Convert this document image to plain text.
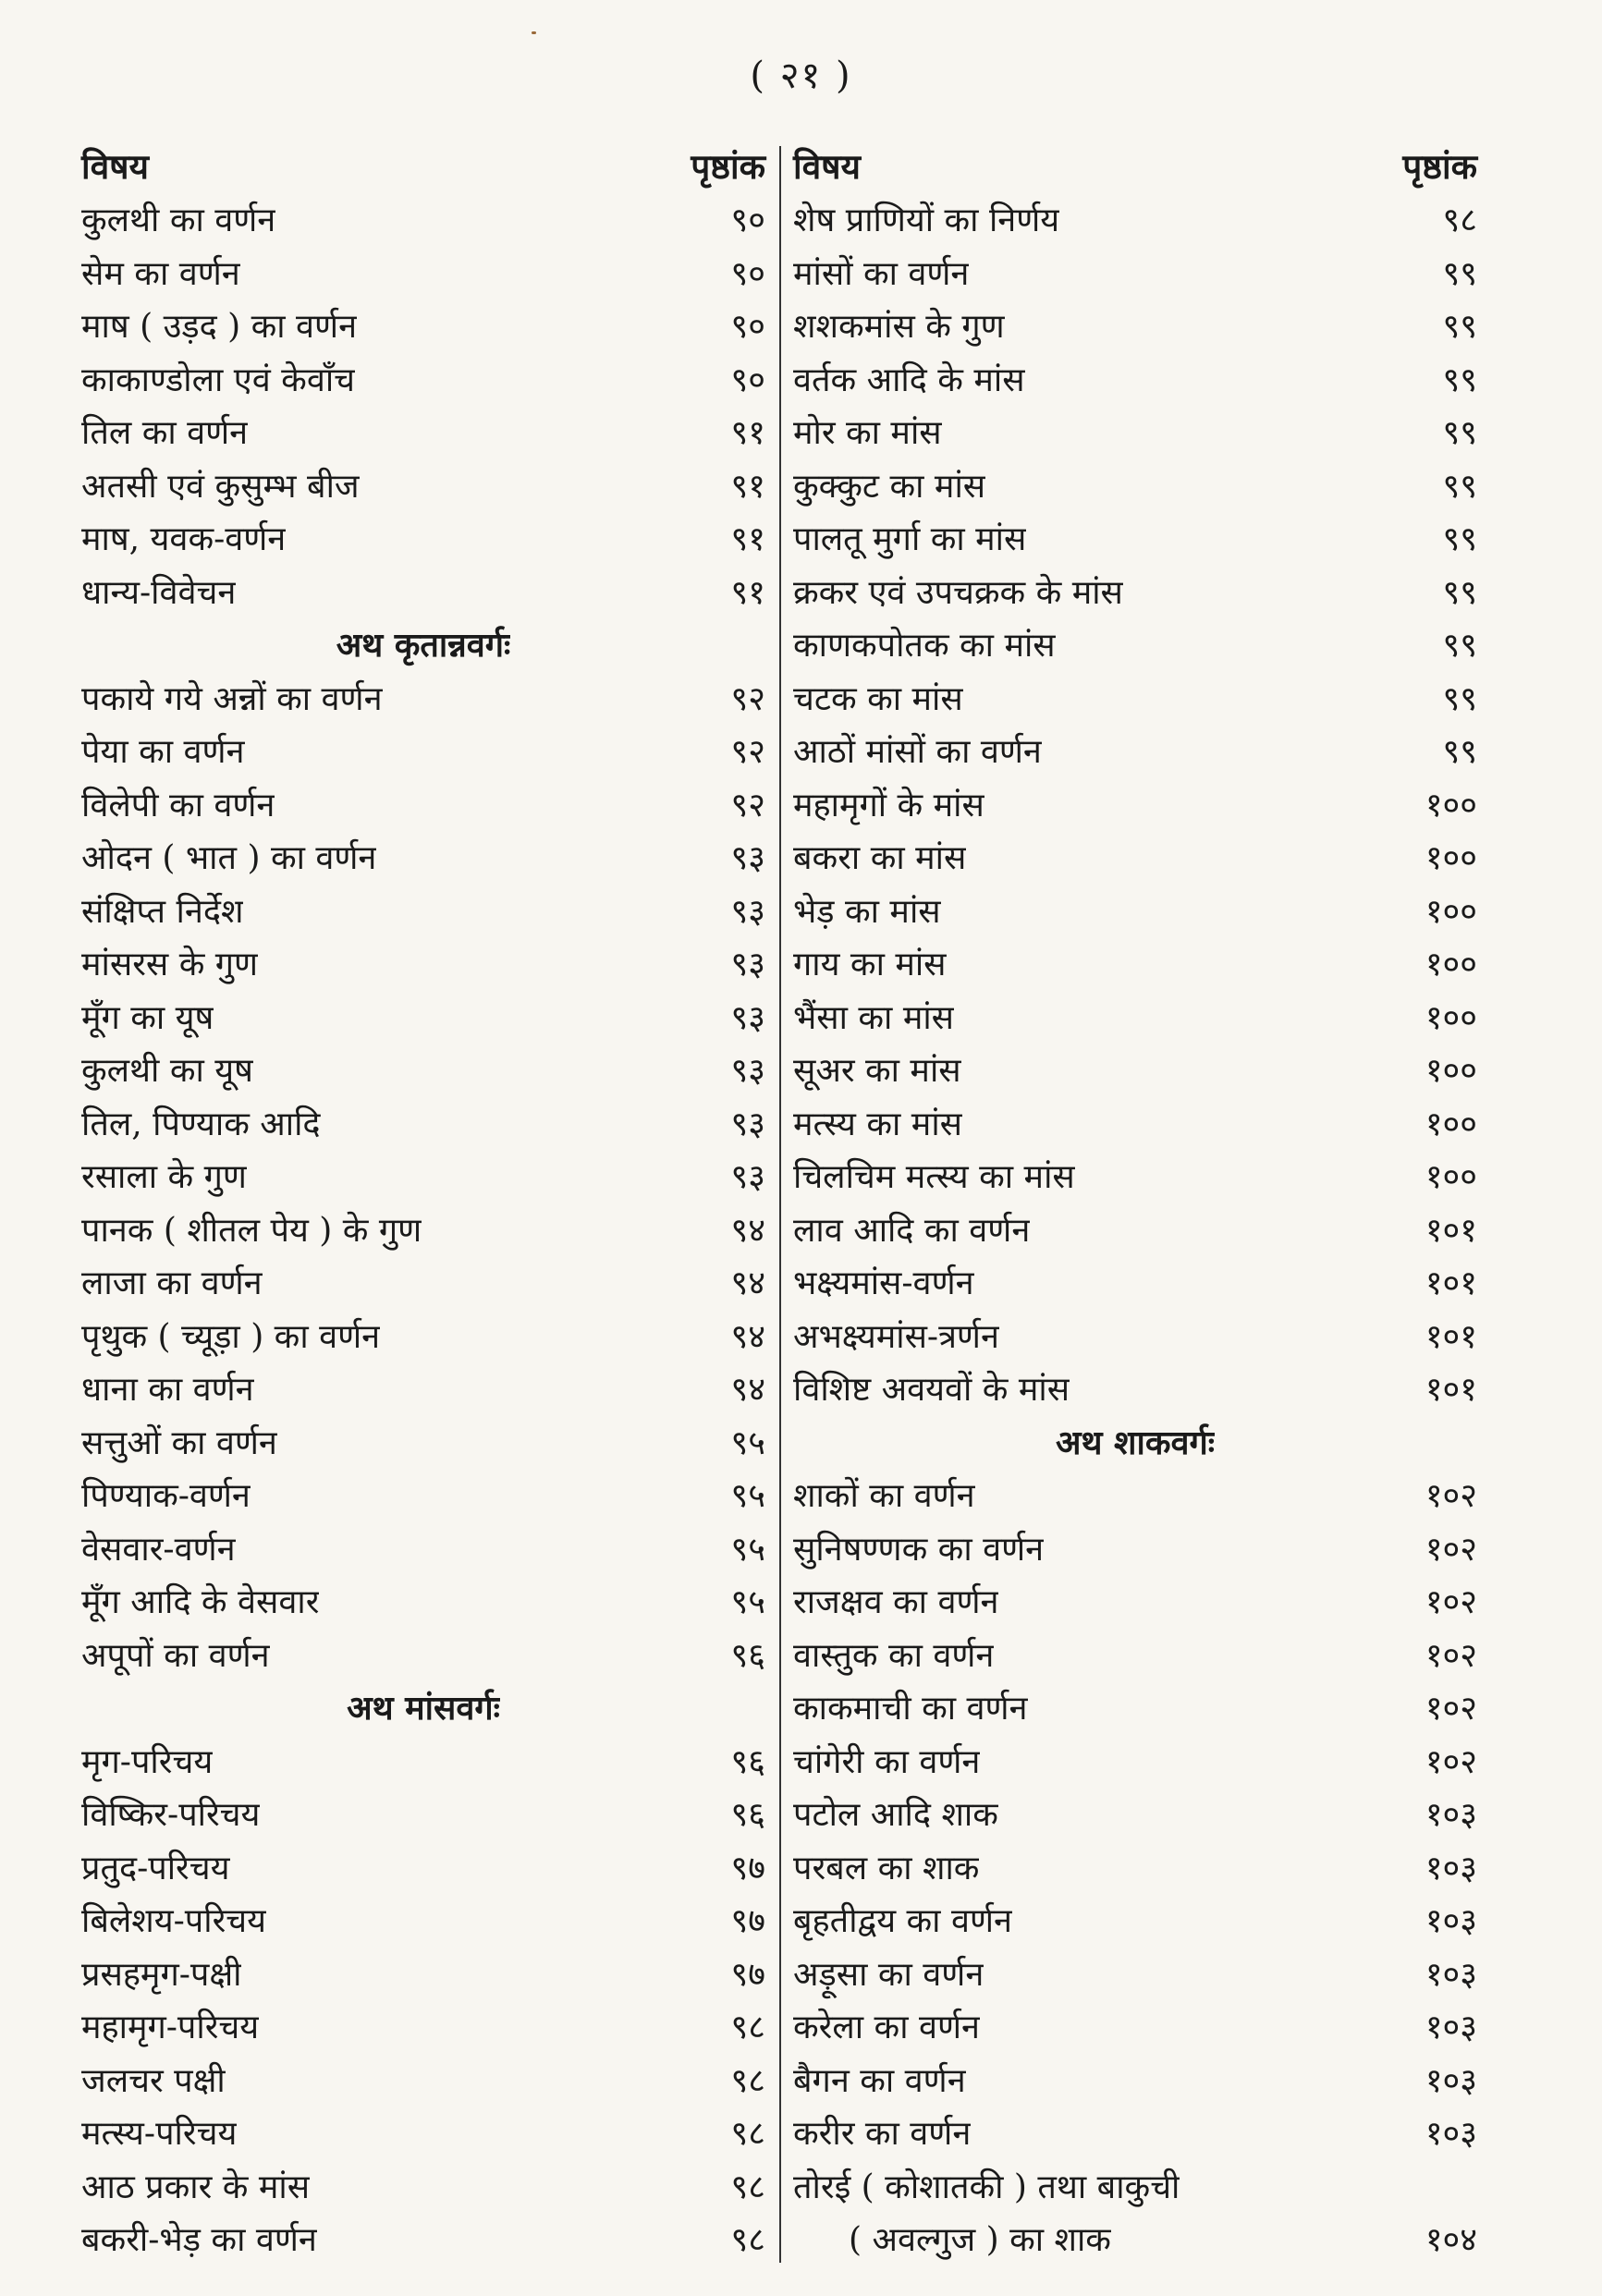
( २१ )
विषय	पृष्ठांक
कुलथी का वर्णन	९०
सेम का वर्णन	९०
माष ( उड़द ) का वर्णन	९०
काकाण्डोला एवं केवाँच	९०
तिल का वर्णन	९१
अतसी एवं कुसुम्भ बीज	९१
माष, यवक-वर्णन	९१
धान्य-विवेचन	९१
अथ कृतान्नवर्गः
पकाये गये अन्नों का वर्णन	९२
पेया का वर्णन	९२
विलेपी का वर्णन	९२
ओदन ( भात ) का वर्णन	९३
संक्षिप्त निर्देश	९३
मांसरस के गुण	९३
मूँग का यूष	९३
कुलथी का यूष	९३
तिल, पिण्याक आदि	९३
रसाला के गुण	९३
पानक ( शीतल पेय ) के गुण	९४
लाजा का वर्णन	९४
पृथुक ( च्यूड़ा ) का वर्णन	९४
धाना का वर्णन	९४
सत्तुओं का वर्णन	९५
पिण्याक-वर्णन	९५
वेसवार-वर्णन	९५
मूँग आदि के वेसवार	९५
अपूपों का वर्णन	९६
अथ मांसवर्गः
मृग-परिचय	९६
विष्किर-परिचय	९६
प्रतुद-परिचय	९७
बिलेशय-परिचय	९७
प्रसहमृग-पक्षी	९७
महामृग-परिचय	९८
जलचर पक्षी	९८
मत्स्य-परिचय	९८
आठ प्रकार के मांस	९८
बकरी-भेड़ का वर्णन	९८
विषय	पृष्ठांक
शेष प्राणियों का निर्णय	९८
मांसों का वर्णन	९९
शशकमांस के गुण	९९
वर्तक आदि के मांस	९९
मोर का मांस	९९
कुक्कुट का मांस	९९
पालतू मुर्गा का मांस	९९
क्रकर एवं उपचक्रक के मांस	९९
काणकपोतक का मांस	९९
चटक का मांस	९९
आठों मांसों का वर्णन	९९
महामृगों के मांस	१००
बकरा का मांस	१००
भेड़ का मांस	१००
गाय का मांस	१००
भैंसा का मांस	१००
सूअर का मांस	१००
मत्स्य का मांस	१००
चिलचिम मत्स्य का मांस	१००
लाव आदि का वर्णन	१०१
भक्ष्यमांस-वर्णन	१०१
अभक्ष्यमांस-त्रर्णन	१०१
विशिष्ट अवयवों के मांस	१०१
अथ शाकवर्गः
शाकों का वर्णन	१०२
सुनिषण्णक का वर्णन	१०२
राजक्षव का वर्णन	१०२
वास्तुक का वर्णन	१०२
काकमाची का वर्णन	१०२
चांगेरी का वर्णन	१०२
पटोल आदि शाक	१०३
परबल का शाक	१०३
बृहतीद्वय का वर्णन	१०३
अड़ूसा का वर्णन	१०३
करेला का वर्णन	१०३
बैगन का वर्णन	१०३
करीर का वर्णन	१०३
तोरई ( कोशातकी ) तथा बाकुची
( अवल्गुज ) का शाक	१०४
